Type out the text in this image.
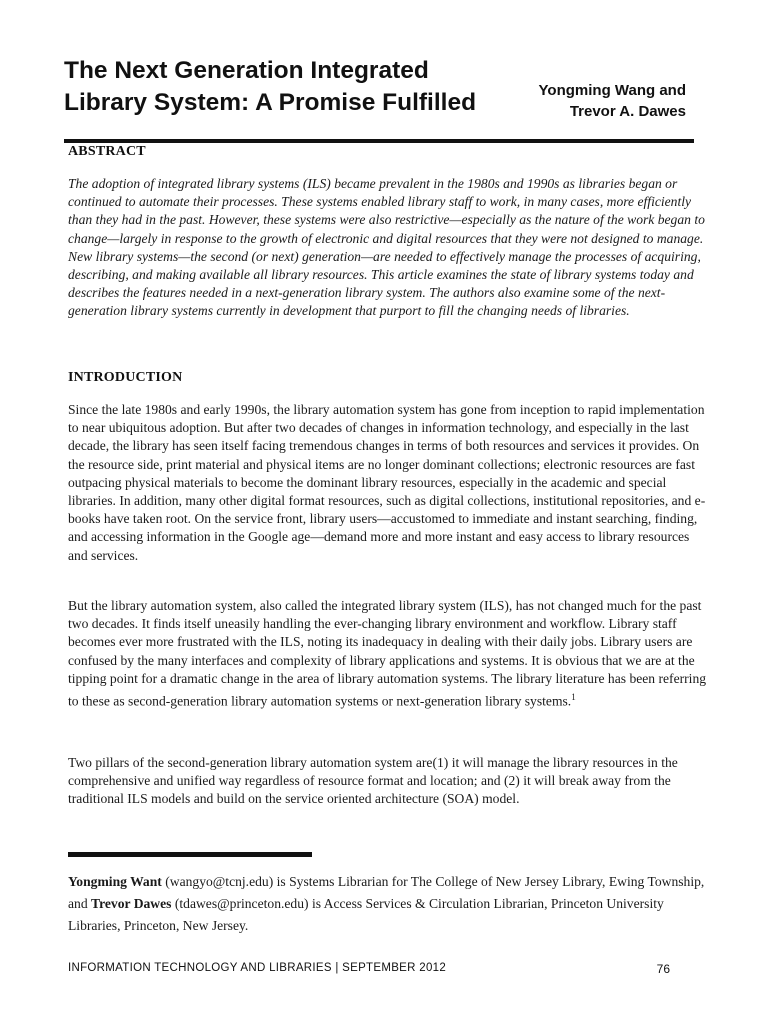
The Next Generation Integrated
Library System: A Promise Fulfilled	Yongming Wang and
Trevor A. Dawes
ABSTRACT
The adoption of integrated library systems (ILS) became prevalent in the 1980s and 1990s as libraries began or continued to automate their processes. These systems enabled library staff to work, in many cases, more efficiently than they had in the past. However, these systems were also restrictive—especially as the nature of the work began to change—largely in response to the growth of electronic and digital resources that they were not designed to manage. New library systems—the second (or next) generation—are needed to effectively manage the processes of acquiring, describing, and making available all library resources. This article examines the state of library systems today and describes the features needed in a next-generation library system. The authors also examine some of the next-generation library systems currently in development that purport to fill the changing needs of libraries.
INTRODUCTION
Since the late 1980s and early 1990s, the library automation system has gone from inception to rapid implementation to near ubiquitous adoption. But after two decades of changes in information technology, and especially in the last decade, the library has seen itself facing tremendous changes in terms of both resources and services it provides. On the resource side, print material and physical items are no longer dominant collections; electronic resources are fast outpacing physical materials to become the dominant library resources, especially in the academic and special libraries. In addition, many other digital format resources, such as digital collections, institutional repositories, and e-books have taken root. On the service front, library users—accustomed to immediate and instant searching, finding, and accessing information in the Google age—demand more and more instant and easy access to library resources and services.
But the library automation system, also called the integrated library system (ILS), has not changed much for the past two decades. It finds itself uneasily handling the ever-changing library environment and workflow. Library staff becomes ever more frustrated with the ILS, noting its inadequacy in dealing with their daily jobs. Library users are confused by the many interfaces and complexity of library applications and systems. It is obvious that we are at the tipping point for a dramatic change in the area of library automation systems. The library literature has been referring to these as second-generation library automation systems or next-generation library systems.$^1$
Two pillars of the second-generation library automation system are(1) it will manage the library resources in the comprehensive and unified way regardless of resource format and location; and (2) it will break away from the traditional ILS models and build on the service oriented architecture (SOA) model.
Yongming Want (wangyo@tcnj.edu) is Systems Librarian for The College of New Jersey Library, Ewing Township, and Trevor Dawes (tdawes@princeton.edu) is Access Services & Circulation Librarian, Princeton University Libraries, Princeton, New Jersey.
INFORMATION TECHNOLOGY AND LIBRARIES | SEPTEMBER 2012	76
